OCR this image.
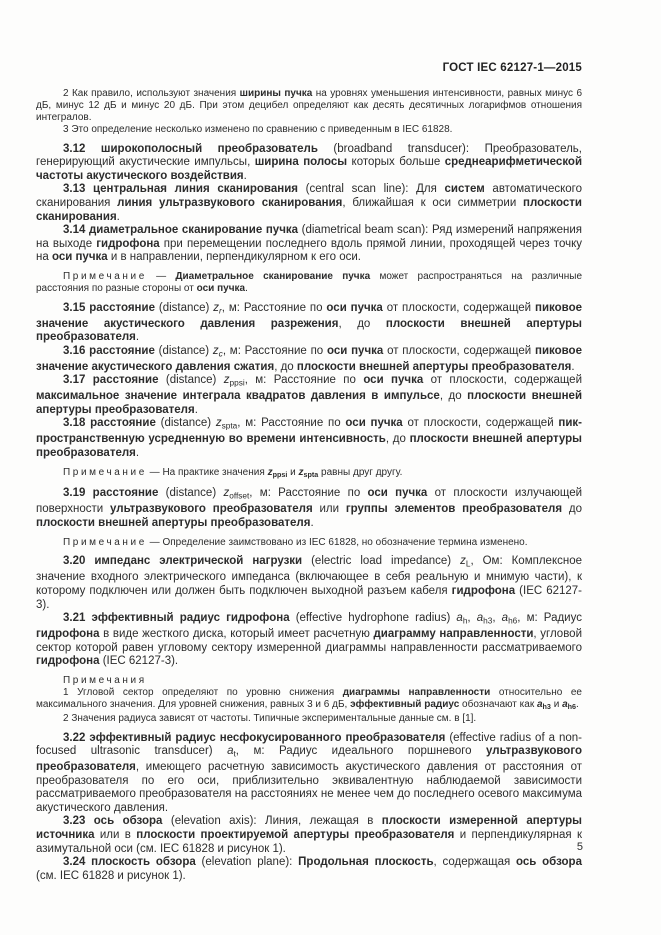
ГОСТ IEC 62127-1—2015

2 Как правило, используют значения ширины пучка на уровнях уменьшения интенсивности, равных минус 6 дБ, минус 12 дБ и минус 20 дБ. При этом децибел определяют как десять десятичных логарифмов отношения интегралов.

3 Это определение несколько изменено по сравнению с приведенным в IEC 61828.

3.12 широкополосный преобразователь (broadband transducer): Преобразователь, генерирующий акустические импульсы, ширина полосы которых больше среднеарифметической частоты акустического воздействия.

3.13 центральная линия сканирования (central scan line): Для систем автоматического сканирования линия ультразвукового сканирования, ближайшая к оси симметрии плоскости сканирования.

3.14 диаметральное сканирование пучка (diametrical beam scan): Ряд измерений напряжения на выходе гидрофона при перемещении последнего вдоль прямой линии, проходящей через точку на оси пучка и в направлении, перпендикулярном к его оси.

Примечание — Диаметральное сканирование пучка может распространяться на различные расстояния по разные стороны от оси пучка.

3.15 расстояние (distance) $z_r$, м: Расстояние по оси пучка от плоскости, содержащей пиковое значение акустического давления разрежения, до плоскости внешней апертуры преобразователя.

3.16 расстояние (distance) $z_c$, м: Расстояние по оси пучка от плоскости, содержащей пиковое значение акустического давления сжатия, до плоскости внешней апертуры преобразователя.

3.17 расстояние (distance) $z_{ppsi}$, м: Расстояние по оси пучка от плоскости, содержащей максимальное значение интеграла квадратов давления в импульсе, до плоскости внешней апертуры преобразователя.

3.18 расстояние (distance) $z_{spta}$, м: Расстояние по оси пучка от плоскости, содержащей пик-пространственную усредненную во времени интенсивность, до плоскости внешней апертуры преобразователя.

Примечание — На практике значения $z_{ppsi}$ и $z_{spta}$ равны друг другу.

3.19 расстояние (distance) $z_{offset}$, м: Расстояние по оси пучка от плоскости излучающей поверхности ультразвукового преобразователя или группы элементов преобразователя до плоскости внешней апертуры преобразователя.

Примечание — Определение заимствовано из IEC 61828, но обозначение термина изменено.

3.20 импеданс электрической нагрузки (electric load impedance) $z_L$, Ом: Комплексное значение входного электрического импеданса (включающее в себя реальную и мнимую части), к которому подключен или должен быть подключен выходной разъем кабеля гидрофона (IEC 62127-3).

3.21 эффективный радиус гидрофона (effective hydrophone radius) $a_h$, $a_{h3}$, $a_{h6}$, м: Радиус гидрофона в виде жесткого диска, который имеет расчетную диаграмму направленности, угловой сектор которой равен угловому сектору измеренной диаграммы направленности рассматриваемого гидрофона (IEC 62127-3).

Примечания

1 Угловой сектор определяют по уровню снижения диаграммы направленности относительно ее максимального значения. Для уровней снижения, равных 3 и 6 дБ, эффективный радиус обозначают как $a_{h3}$ и $a_{h6}$.

2 Значения радиуса зависят от частоты. Типичные экспериментальные данные см. в [1].

3.22 эффективный радиус несфокусированного преобразователя (effective radius of a non-focused ultrasonic transducer) $a_t$, м: Радиус идеального поршневого ультразвукового преобразователя, имеющего расчетную зависимость акустического давления от расстояния от преобразователя по его оси, приблизительно эквивалентную наблюдаемой зависимости рассматриваемого преобразователя на расстояниях не менее чем до последнего осевого максимума акустического давления.

3.23 ось обзора (elevation axis): Линия, лежащая в плоскости измеренной апертуры источника или в плоскости проектируемой апертуры преобразователя и перпендикулярная к азимутальной оси (см. IEC 61828 и рисунок 1).

3.24 плоскость обзора (elevation plane): Продольная плоскость, содержащая ось обзора (см. IEC 61828 и рисунок 1).

5
